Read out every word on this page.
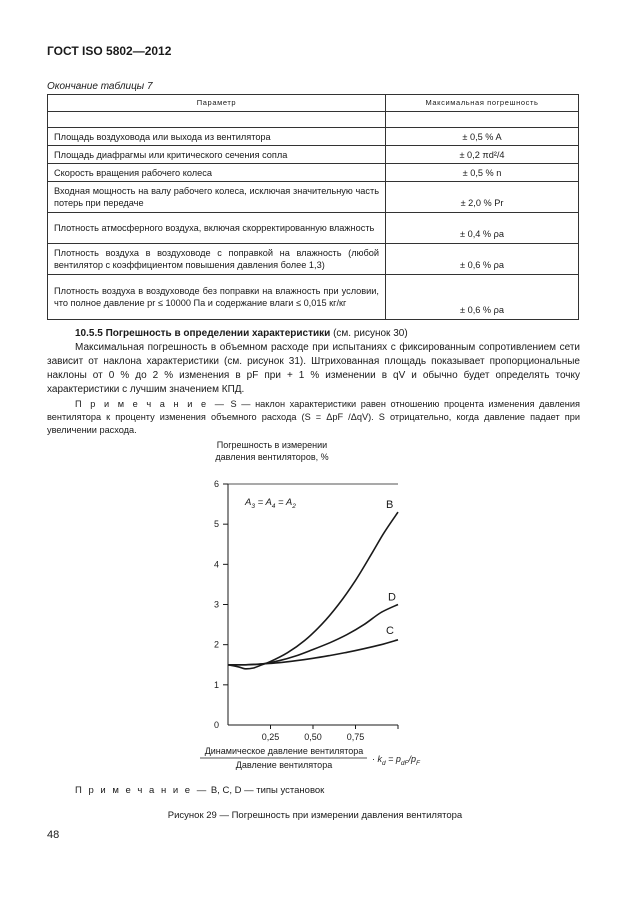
ГОСТ ISO 5802—2012
Окончание таблицы 7
Параметр	Максимальная погрешность

Площадь воздуховода или выхода из вентилятора	± 0,5 % A
Площадь диафрагмы или критического сечения сопла	± 0,2 πd²/4
Скорость вращения рабочего колеса	± 0,5 % n
Входная мощность на валу рабочего колеса, исключая значительную часть потерь при передаче	± 2,0 % Pr
Плотность атмосферного воздуха, включая скорректированную влажность	± 0,4 % ρa
Плотность воздуха в воздуховоде с поправкой на влажность (любой вентилятор с коэффициентом повышения давления более 1,3)	± 0,6 % ρa
Плотность воздуха в воздуховоде без поправки на влажность при условии, что полное давление pr ≤ 10000 Па и содержание влаги ≤ 0,015 кг/кг	± 0,6 % ρa
10.5.5 Погрешность в определении характеристики (см. рисунок 30)
Максимальная погрешность в объемном расходе при испытаниях с фиксированным сопротивлением сети зависит от наклона характеристики (см. рисунок 31). Штрихованная площадь показывает пропорциональные наклоны от 0 % до 2 % изменения в pF при + 1 % изменении в qV и обычно будет определять точку характеристики с лучшим значением КПД.
П р и м е ч а н и е — S — наклон характеристики равен отношению процента изменения давления вентилятора к проценту изменения объемного расхода (S = ΔpF /ΔqV). S отрицательно, когда давление падает при увеличении расхода.
Погрешность в измерении
давления вентиляторов, %
1
2
3
4
5
6
0
0,25	0,50	0,75
A3 = A4 = A2	B
D
C
Динамическое давление вентилятора
Давление вентилятора
· kd = pdF/pF
П р и м е ч а н и е — В, С, D — типы установок
Рисунок 29 — Погрешность при измерении давления вентилятора
48
